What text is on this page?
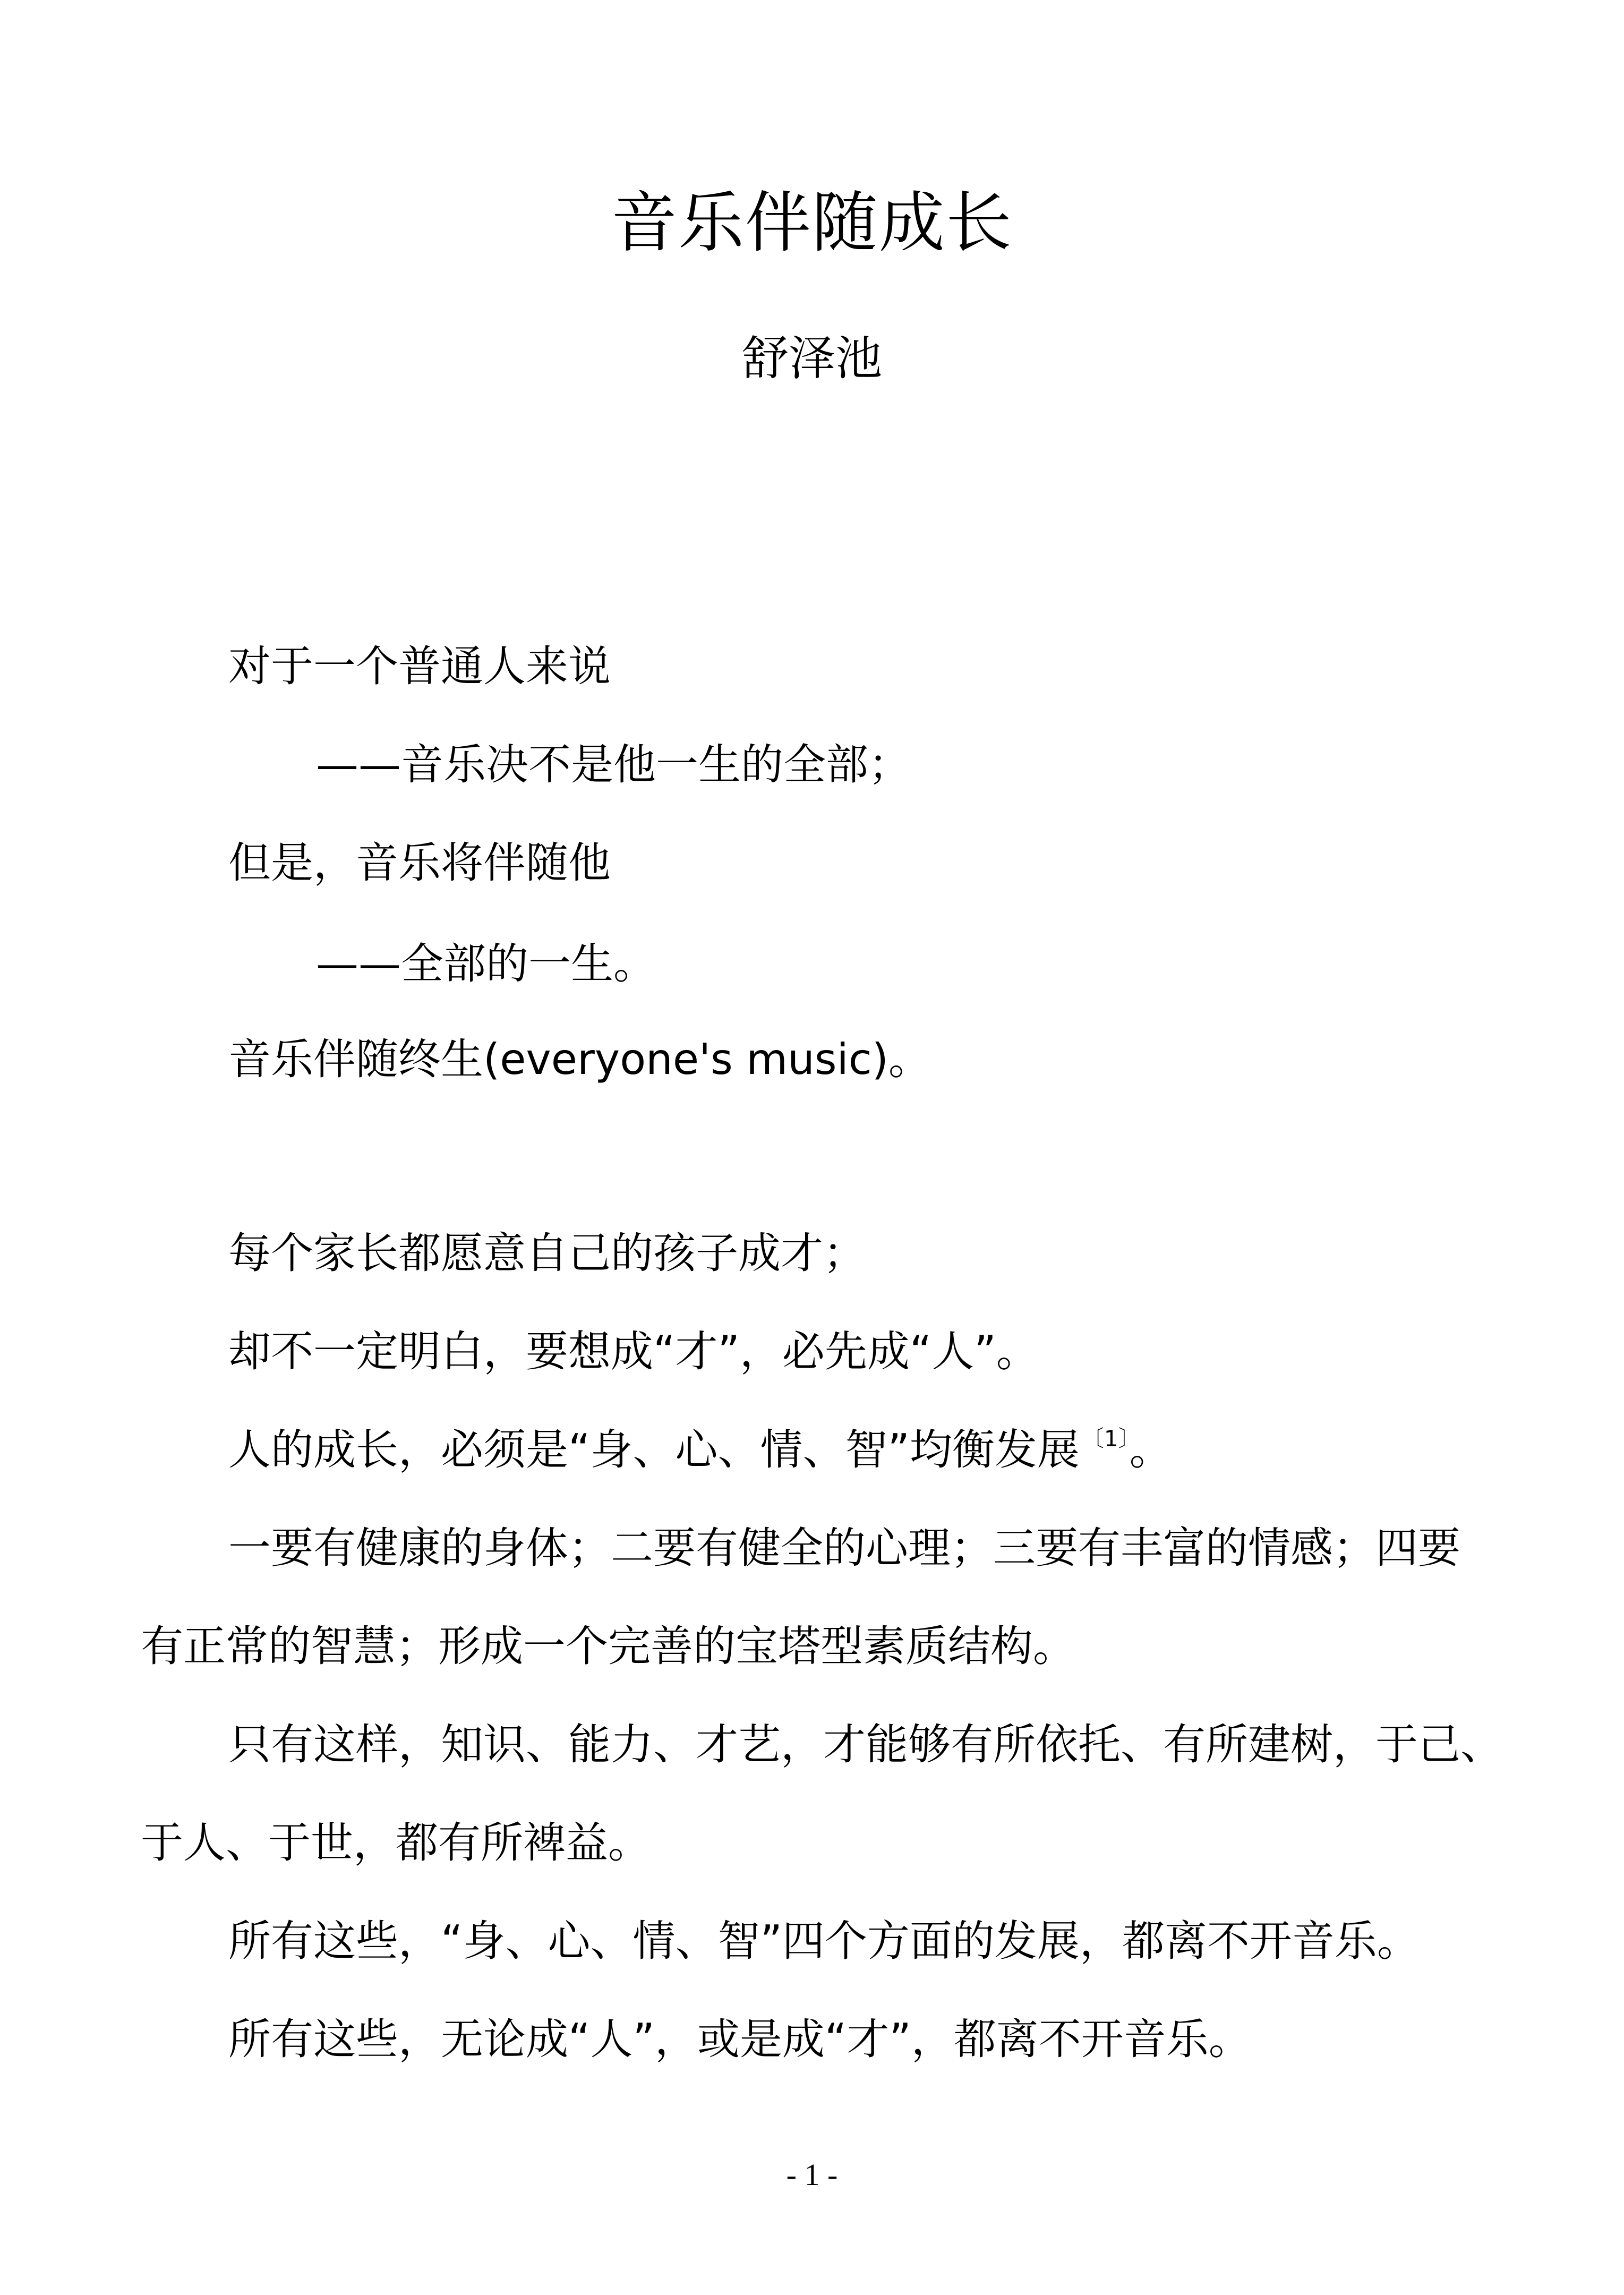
音乐伴随成长
舒泽池
对于一个普通人来说
——音乐决不是他一生的全部；
但是，音乐将伴随他
——全部的一生。
音乐伴随终生(everyone's music)。
每个家长都愿意自己的孩子成才；
却不一定明白，要想成“才”，必先成“人”。
人的成长，必须是“身、心、情、智”均衡发展$^{〔1〕}$。
一要有健康的身体；二要有健全的心理；三要有丰富的情感；四要
有正常的智慧；形成一个完善的宝塔型素质结构。
只有这样，知识、能力、才艺，才能够有所依托、有所建树，于己、
于人、于世，都有所裨益。
所有这些，“身、心、情、智”四个方面的发展，都离不开音乐。
所有这些，无论成“人”，或是成“才”，都离不开音乐。
- 1 -
